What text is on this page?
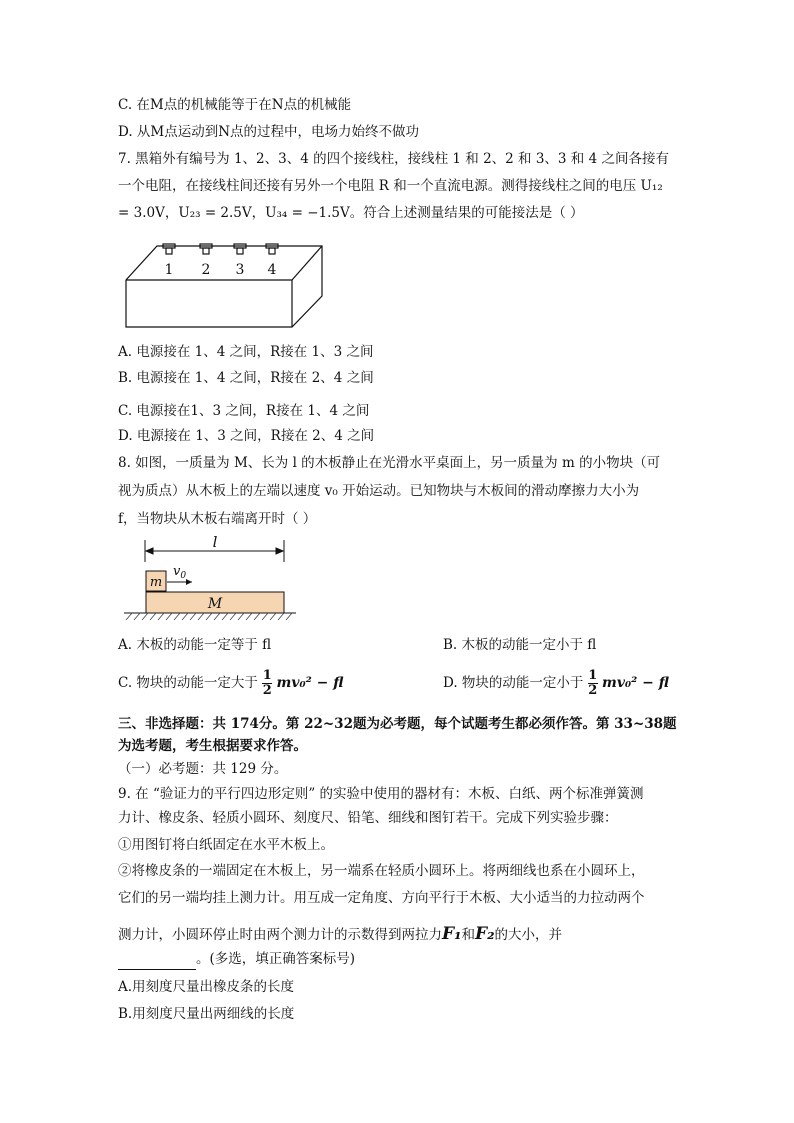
C. 在M点的机械能等于在N点的机械能
D. 从M点运动到N点的过程中，电场力始终不做功
7. 黑箱外有编号为 1、2、3、4 的四个接线柱，接线柱 1 和 2、2 和 3、3 和 4 之间各接有
一个电阻，在接线柱间还接有另外一个电阻 R 和一个直流电源。测得接线柱之间的电压 U₁₂
= 3.0V，U₂₃ = 2.5V，U₃₄ = −1.5V。符合上述测量结果的可能接法是（ ）
1 2 3 4
A. 电源接在 1、4 之间，R接在 1、3 之间
B. 电源接在 1、4 之间，R接在 2、4 之间
C. 电源接在1、3 之间，R接在 1、4 之间
D. 电源接在 1、3 之间，R接在 2、4 之间
8. 如图，一质量为 M、长为 l 的木板静止在光滑水平桌面上，另一质量为 m 的小物块（可
视为质点）从木板上的左端以速度 v₀ 开始运动。已知物块与木板间的滑动摩擦力大小为
f，当物块从木板右端离开时（ ）
l
m
$v_0$
M
A. 木板的动能一定等于 fl	B. 木板的动能一定小于 fl
C. 物块的动能一定大于 $\frac{1}{2} mv_0^2$ − fl	D. 物块的动能一定小于 $\frac{1}{2} mv_0^2$ − fl
三、非选择题：共 174分。第 22~32题为必考题，每个试题考生都必须作答。第 33~38题
为选考题，考生根据要求作答。
（一）必考题：共 129 分。
9. 在 “验证力的平行四边形定则” 的实验中使用的器材有：木板、白纸、两个标准弹簧测
力计、橡皮条、轻质小圆环、刻度尺、铅笔、细线和图钉若干。完成下列实验步骤：
①用图钉将白纸固定在水平木板上。
②将橡皮条的一端固定在木板上，另一端系在轻质小圆环上。将两细线也系在小圆环上，
它们的另一端均挂上测力计。用互成一定角度、方向平行于木板、大小适当的力拉动两个
测力计，小圆环停止时由两个测力计的示数得到两拉力F₁和F₂的大小，并
。(多选，填正确答案标号)
A.用刻度尺量出橡皮条的长度
B.用刻度尺量出两细线的长度
